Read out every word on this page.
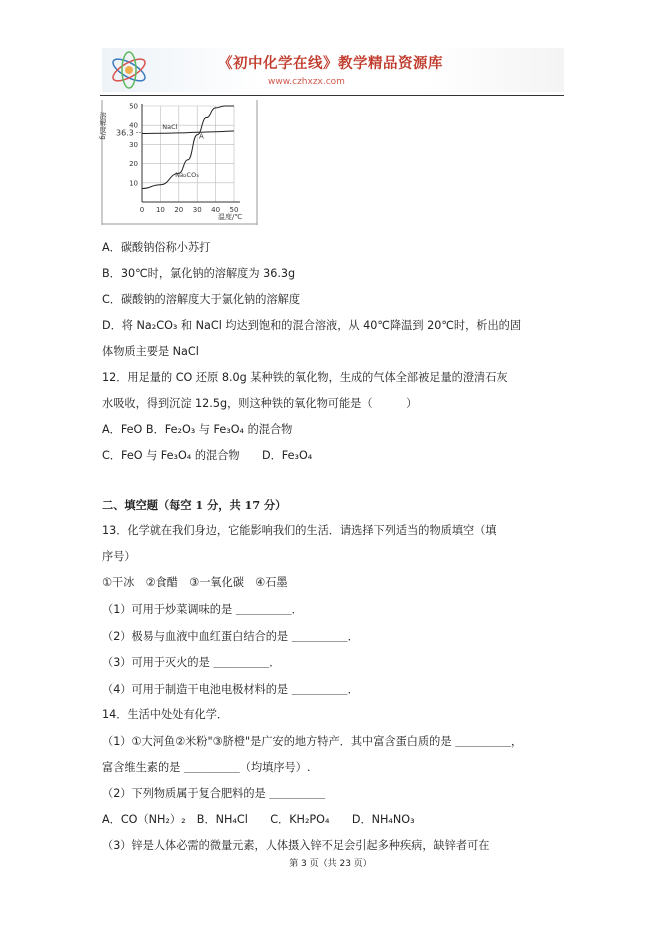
《初中化学在线》教学精品资源库
www.czhxzx.com
0 10 20 30 40 50
10
20
30
40
50
溶解度/g
温度/℃
36.3	A
NaCl
Na₂CO₃
A．碳酸钠俗称小苏打
B．30℃时，氯化钠的溶解度为 36.3g
C．碳酸钠的溶解度大于氯化钠的溶解度
D．将 Na₂CO₃ 和 NaCl 均达到饱和的混合溶液，从 40℃降温到 20℃时，析出的固
体物质主要是 NaCl
12．用足量的 CO 还原 8.0g 某种铁的氧化物，生成的气体全部被足量的澄清石灰
水吸收，得到沉淀 12.5g，则这种铁的氧化物可能是（　　　）
A．FeO B．Fe₂O₃ 与 Fe₃O₄ 的混合物
C．FeO 与 Fe₃O₄ 的混合物　　D．Fe₃O₄
二、填空题（每空 1 分，共 17 分）
13．化学就在我们身边，它能影响我们的生活．请选择下列适当的物质填空（填
序号）
①干冰　②食醋　③一氧化碳　④石墨
（1）可用于炒菜调味的是 ＿＿＿＿＿．
（2）极易与血液中血红蛋白结合的是 ＿＿＿＿＿．
（3）可用于灭火的是 ＿＿＿＿＿．
（4）可用于制造干电池电极材料的是 ＿＿＿＿＿．
14．生活中处处有化学．
（1）①大河鱼②米粉"③脐橙"是广安的地方特产．其中富含蛋白质的是 ＿＿＿＿＿，
富含维生素的是 ＿＿＿＿＿（均填序号）.
（2）下列物质属于复合肥料的是 ＿＿＿＿＿
A．CO（NH₂）₂　B．NH₄Cl　　C．KH₂PO₄　　D．NH₄NO₃
（3）锌是人体必需的微量元素，人体摄入锌不足会引起多种疾病，缺锌者可在
第 3 页（共 23 页）
